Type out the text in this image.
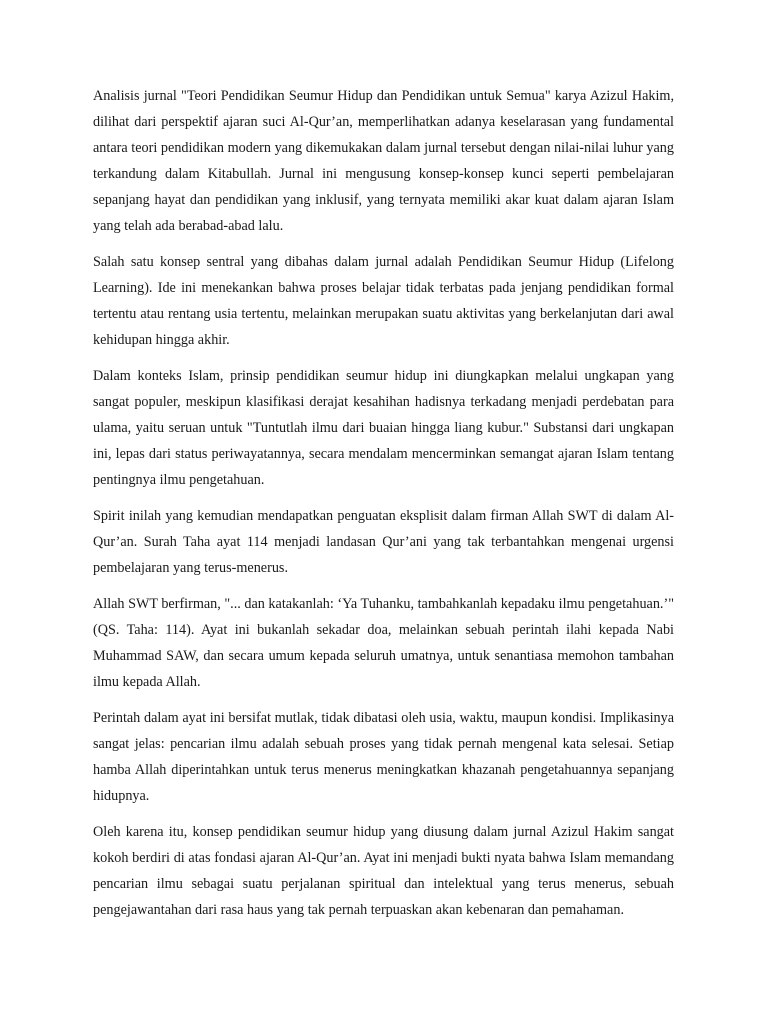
Analisis jurnal "Teori Pendidikan Seumur Hidup dan Pendidikan untuk Semua" karya Azizul Hakim, dilihat dari perspektif ajaran suci Al-Qur’an, memperlihatkan adanya keselarasan yang fundamental antara teori pendidikan modern yang dikemukakan dalam jurnal tersebut dengan nilai-nilai luhur yang terkandung dalam Kitabullah. Jurnal ini mengusung konsep-konsep kunci seperti pembelajaran sepanjang hayat dan pendidikan yang inklusif, yang ternyata memiliki akar kuat dalam ajaran Islam yang telah ada berabad-abad lalu.

Salah satu konsep sentral yang dibahas dalam jurnal adalah Pendidikan Seumur Hidup (Lifelong Learning). Ide ini menekankan bahwa proses belajar tidak terbatas pada jenjang pendidikan formal tertentu atau rentang usia tertentu, melainkan merupakan suatu aktivitas yang berkelanjutan dari awal kehidupan hingga akhir.

Dalam konteks Islam, prinsip pendidikan seumur hidup ini diungkapkan melalui ungkapan yang sangat populer, meskipun klasifikasi derajat kesahihan hadisnya terkadang menjadi perdebatan para ulama, yaitu seruan untuk "Tuntutlah ilmu dari buaian hingga liang kubur." Substansi dari ungkapan ini, lepas dari status periwayatannya, secara mendalam mencerminkan semangat ajaran Islam tentang pentingnya ilmu pengetahuan.

Spirit inilah yang kemudian mendapatkan penguatan eksplisit dalam firman Allah SWT di dalam Al-Qur’an. Surah Taha ayat 114 menjadi landasan Qur’ani yang tak terbantahkan mengenai urgensi pembelajaran yang terus-menerus.

Allah SWT berfirman, "... dan katakanlah: ‘Ya Tuhanku, tambahkanlah kepadaku ilmu pengetahuan.’" (QS. Taha: 114). Ayat ini bukanlah sekadar doa, melainkan sebuah perintah ilahi kepada Nabi Muhammad SAW, dan secara umum kepada seluruh umatnya, untuk senantiasa memohon tambahan ilmu kepada Allah.

Perintah dalam ayat ini bersifat mutlak, tidak dibatasi oleh usia, waktu, maupun kondisi. Implikasinya sangat jelas: pencarian ilmu adalah sebuah proses yang tidak pernah mengenal kata selesai. Setiap hamba Allah diperintahkan untuk terus menerus meningkatkan khazanah pengetahuannya sepanjang hidupnya.

Oleh karena itu, konsep pendidikan seumur hidup yang diusung dalam jurnal Azizul Hakim sangat kokoh berdiri di atas fondasi ajaran Al-Qur’an. Ayat ini menjadi bukti nyata bahwa Islam memandang pencarian ilmu sebagai suatu perjalanan spiritual dan intelektual yang terus menerus, sebuah pengejawantahan dari rasa haus yang tak pernah terpuaskan akan kebenaran dan pemahaman.
